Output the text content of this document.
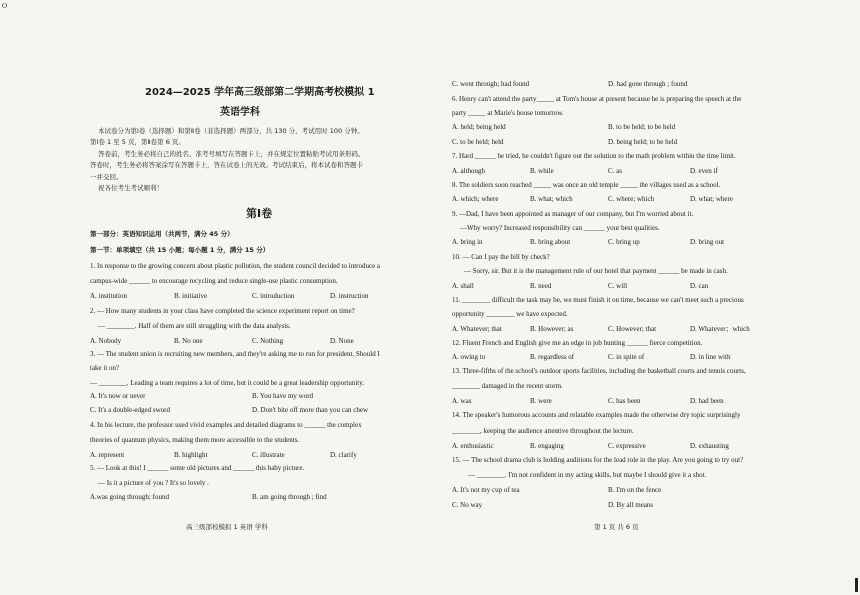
O
2024—2025 学年高三级部第二学期高考校模拟 1
英语学科
本试卷分为第Ⅰ卷（选择题）和第Ⅱ卷（非选择题）两部分，共 130 分，考试用时 100 分钟。
第Ⅰ卷 1 至 5 页，第Ⅱ卷第 6 页。
答卷前，考生务必将自己的姓名、准考号填写在答题卡上，并在规定位置粘贴考试用条形码。
答卷时，考生务必将答案涂写在答题卡上，答在试卷上的无效。考试结束后，将本试卷和答题卡
一并交回。
祝各位考生考试顺利！
第Ⅰ卷
第一部分：英语知识运用（共两节，满分 45 分）
第一节：单项填空（共 15 小题；每小题 1 分，满分 15 分）
1. In response to the growing concern about plastic pollution, the student council decided to introduce a
campus-wide ______ to encourage recycling and reduce single-use plastic consumption.
A. institution	B. initiative	C. introduction	D. instruction
2. — How many students in your class have completed the science experiment report on time?
— ________. Half of them are still struggling with the data analysis.
A. Nobody	B. No one	C. Nothing	D. None
3. — The student union is recruiting new members, and they're asking me to run for president. Should I
take it on?
— ________. Leading a team requires a lot of time, but it could be a great leadership opportunity.
A. It's now or never	B. You have my word
C. It's a double-edged sword	D. Don't bite off more than you can chew
4. In his lecture, the professor used vivid examples and detailed diagrams to ______ the complex
theories of quantum physics, making them more accessible to the students.
A. represent	B. highlight	C. illustrate	D. clarify
5. — Look at this! I ______ some old pictures and ______ this baby picture.
— Is it a picture of you ? It's so lovely .
A.was going through; found	B. am going through ; find
高三级部校模拟 1 英语 学科
C. went through; had found	D. had gone through ; found
6. Henry can't attend the party_____ at Tom's house at present because he is preparing the speech at the
party _____ at Marie's house tomorrow.
A. held; being held	B. to be held; to be held
C. to be held; held	D. being held; to be held
7. Hard ______ he tried, he couldn't figure out the solution to the math problem within the time limit.
A. although	B. while	C. as	D. even if
8. The soldiers soon reached _____ was once an old temple _____ the villages used as a school.
A. which; where	B. what; which	C. where; which	D. what; where
9. —Dad, I have been appointed as manager of our company, but I'm worried about it.
—Why worry? Increased responsibility can ______ your best qualities.
A. bring in	B. bring about	C. bring up	D. bring out
10. — Can I pay the bill by check?
— Sorry, sir. But it is the management rule of our hotel that payment ______ be made in cash.
A. shall	B. need	C. will	D. can
11. ________ difficult the task may be, we must finish it on time, because we can't meet such a precious
opportunity ________ we have expected.
A. Whatever; that	B. However; as	C. However; that	D. Whatever；which
12. Fluent French and English give me an edge in job hunting ______ fierce competition.
A. owing to	B. regardless of	C. in spite of	D. in line with
13. Three-fifths of the school's outdoor sports facilities, including the basketball courts and tennis courts,
________ damaged in the recent storm.
A. was	B. were	C. has been	D. had been
14. The speaker's humorous accounts and relatable examples made the otherwise dry topic surprisingly
________, keeping the audience attentive throughout the lecture.
A. enthusiastic	B. engaging	C. expressive	D. exhausting
15. — The school drama club is holding auditions for the lead role in the play. Are you going to try out?
— ________. I'm not confident in my acting skills, but maybe I should give it a shot.
A. It's not my cup of tea	B. I'm on the fence
C. No way	D. By all means
第 1 页 共 6 页
